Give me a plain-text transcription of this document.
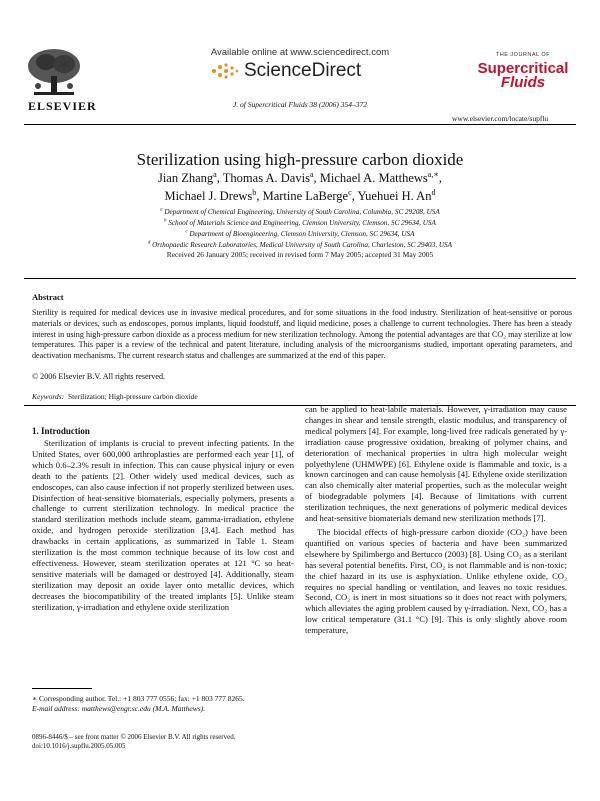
ELSEVIER
Available online at www.sciencedirect.com
ScienceDirect
J. of Supercritical Fluids 38 (2006) 354–372
THE JOURNAL OF
Supercritical
Fluids
www.elsevier.com/locate/supflu
Sterilization using high-pressure carbon dioxide
Jian Zhang$^a$, Thomas A. Davis$^a$, Michael A. Matthews$^{a,∗}$,
Michael J. Drews$^b$, Martine LaBerge$^c$, Yuehuei H. An$^d$
$^a$ Department of Chemical Engineering, University of South Carolina, Columbia, SC 29208, USA
$^b$ School of Materials Science and Engineering, Clemson University, Clemson, SC 29634, USA
$^c$ Department of Bioengineering, Clemson University, Clemson, SC 29634, USA
$^d$ Orthopaedic Research Laboratories, Medical University of South Carolina, Charleston, SC 29403, USA
Received 26 January 2005; received in revised form 7 May 2005; accepted 31 May 2005
Abstract
Sterility is required for medical devices use in invasive medical procedures, and for some situations in the food industry. Sterilization of heat-sensitive or porous materials or devices, such as endoscopes, porous implants, liquid foodstuff, and liquid medicine, poses a challenge to current technologies. There has been a steady interest in using high-pressure carbon dioxide as a process medium for new sterilization technology. Among the potential advantages are that CO₂ may sterilize at low temperatures. This paper is a review of the technical and patent literature, including analysis of the microorganisms studied, important operating parameters, and deactivation mechanisms. The current research status and challenges are summarized at the end of this paper.
© 2006 Elsevier B.V. All rights reserved.
Keywords: Sterilization; High-pressure carbon dioxide
1. Introduction

Sterilization of implants is crucial to prevent infecting patients. In the United States, over 600,000 arthroplasties are performed each year [1], of which 0.6–2.3% result in infection. This can cause physical injury or even death to the patients [2]. Other widely used medical devices, such as endoscopes, can also cause infection if not properly sterilized between uses. Disinfection of heat-sensitive biomaterials, especially polymers, presents a challenge to current sterilization technology. In medical practice the standard sterilization methods include steam, gamma-irradiation, ethylene oxide, and hydrogen peroxide sterilization [3,4]. Each method has drawbacks in certain applications, as summarized in Table 1. Steam sterilization is the most common technique because of its low cost and effectiveness. However, steam sterilization operates at 121 °C so heat-sensitive materials will be damaged or destroyed [4]. Additionally, steam sterilization may deposit an oxide layer onto metallic devices, which decreases the biocompatibility of the treated implants [5]. Unlike steam sterilization, γ-irradiation and ethylene oxide sterilization

can be applied to heat-labile materials. However, γ-irradiation may cause changes in shear and tensile strength, elastic modulus, and transparency of medical polymers [4]. For example, long-lived free radicals generated by γ-irradiation cause progressive oxidation, breaking of polymer chains, and deterioration of mechanical properties in ultra high molecular weight polyethylene (UHMWPE) [6]. Ethylene oxide is flammable and toxic, is a known carcinogen and can cause hemolysis [4]. Ethylene oxide sterilization can also chemically alter material properties, such as the molecular weight of biodegradable polymers [4]. Because of limitations with current sterilization techniques, the next generations of polymeric medical devices and heat-sensitive biomaterials demand new sterilization methods [7].

The biocidal effects of high-pressure carbon dioxide (CO₂) have been quantified on various species of bacteria and have been summarized elsewhere by Spilimbergo and Bertucco (2003) [8]. Using CO₂ as a sterilant has several potential benefits. First, CO₂ is not flammable and is non-toxic; the chief hazard in its use is asphyxiation. Unlike ethylene oxide, CO₂ requires no special handling or ventilation, and leaves no toxic residues. Second, CO₂ is inert in most situations so it does not react with polymers, which alleviates the aging problem caused by γ-irradiation. Next, CO₂ has a low critical temperature (31.1 °C) [9]. This is only slightly above room temperature,

∗ Corresponding author. Tel.: +1 803 777 0556; fax: +1 803 777 8265.
E-mail address: matthews@engr.sc.edu (M.A. Matthews).
0896-8446/$ – see front matter © 2006 Elsevier B.V. All rights reserved.
doi:10.1016/j.supflu.2005.05.005
